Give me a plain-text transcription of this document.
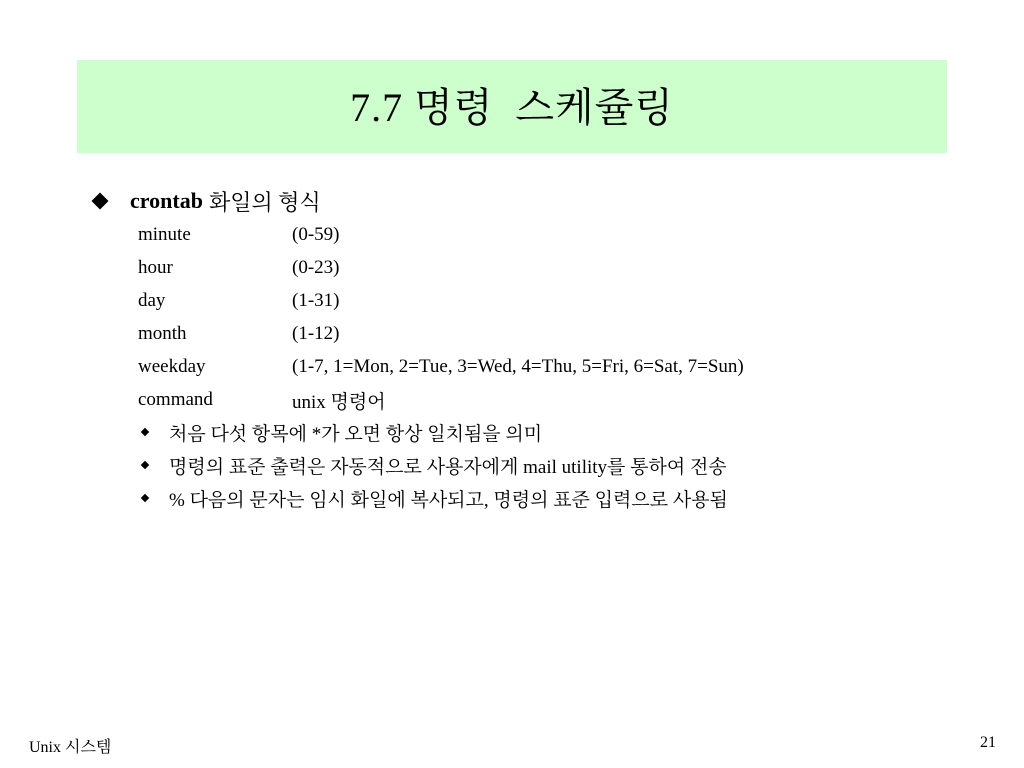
7.7 명령  스케쥴링
crontab 화일의 형식
minute	(0-59)
hour	(0-23)
day	(1-31)
month	(1-12)
weekday	(1-7, 1=Mon, 2=Tue, 3=Wed, 4=Thu, 5=Fri, 6=Sat, 7=Sun)
command	unix 명령어
처음 다섯 항목에 *가 오면 항상 일치됨을 의미
명령의 표준 출력은 자동적으로 사용자에게 mail utility를 통하여 전송
% 다음의 문자는 임시 화일에 복사되고, 명령의 표준 입력으로 사용됨
Unix 시스템	21
